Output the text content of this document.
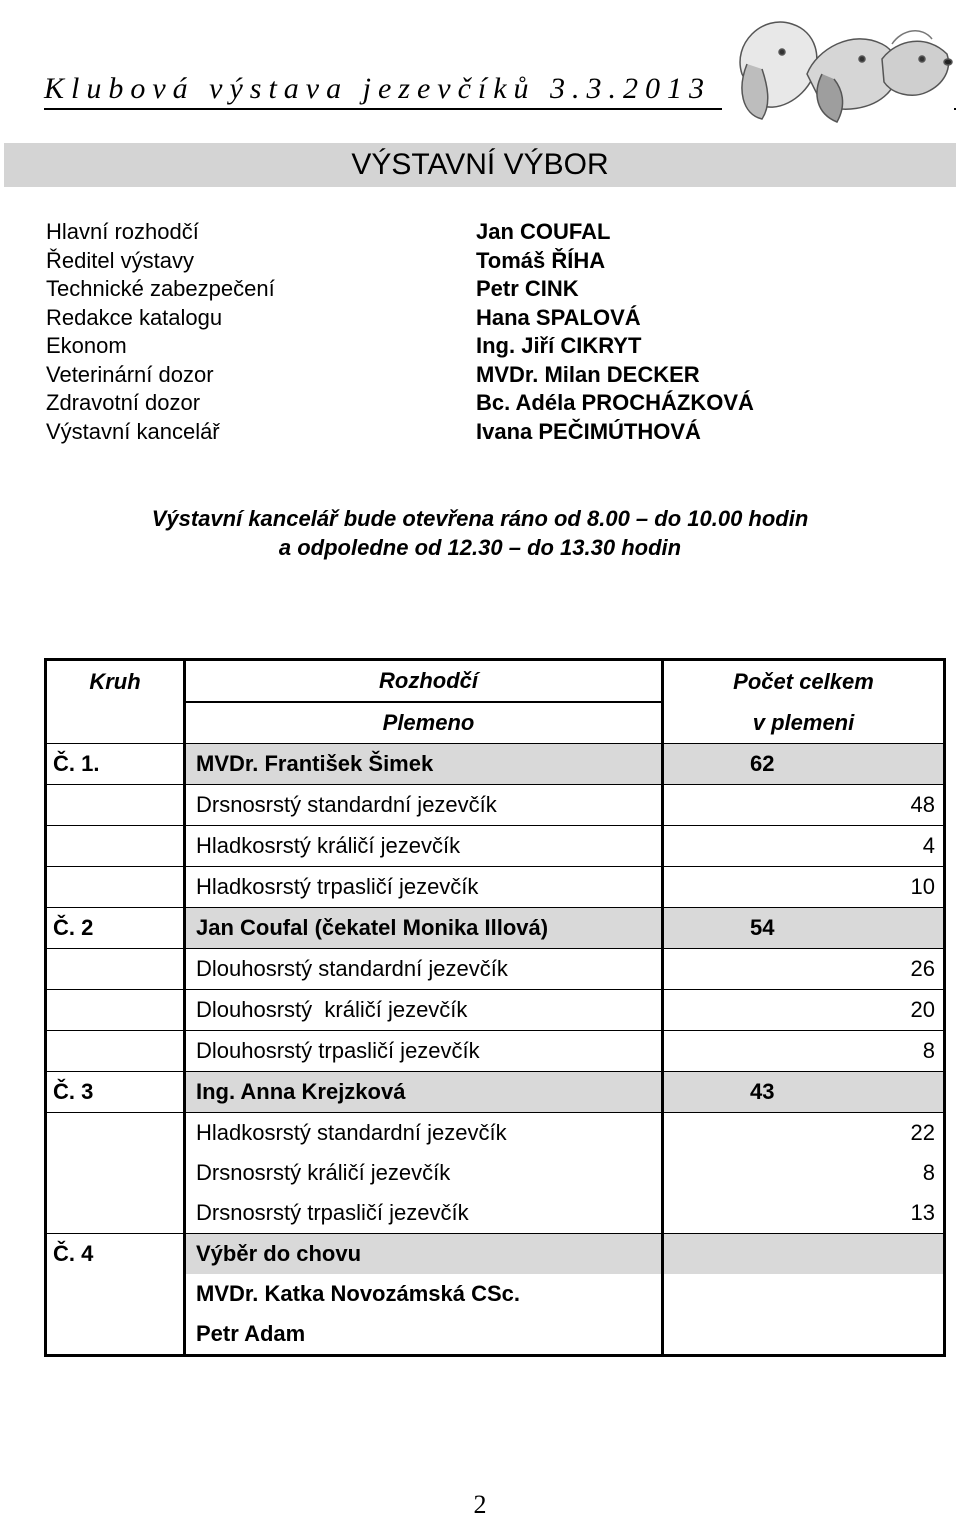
Klubová výstava jezevčíků 3.3.2013
VÝSTAVNÍ VÝBOR
Hlavní rozhodčí	Jan COUFAL
Ředitel výstavy	Tomáš ŘÍHA
Technické zabezpečení	Petr CINK
Redakce katalogu	Hana SPALOVÁ
Ekonom	Ing. Jiří CIKRYT
Veterinární dozor	MVDr. Milan DECKER
Zdravotní dozor	Bc. Adéla PROCHÁZKOVÁ
Výstavní kancelář	Ivana PEČIMÚTHOVÁ
Výstavní kancelář bude otevřena ráno od 8.00 – do 10.00 hodin
a odpoledne od 12.30 – do 13.30 hodin
Kruh	Rozhodčí	Počet celkem
	Plemeno	v plemeni
Č. 1.	MVDr. František Šimek	62
	Drsnosrstý standardní jezevčík	48
	Hladkosrstý králičí jezevčík	4
	Hladkosrstý trpasličí jezevčík	10
Č. 2	Jan Coufal (čekatel Monika Illová)	54
	Dlouhosrstý standardní jezevčík	26
	Dlouhosrstý  králičí jezevčík	20
	Dlouhosrstý trpasličí jezevčík	8
Č. 3	Ing. Anna Krejzková	43
	Hladkosrstý standardní jezevčík	22
	Drsnosrstý králičí jezevčík	8
	Drsnosrstý trpasličí jezevčík	13
Č. 4	Výběr do chovu	
	MVDr. Katka Novozámská CSc.	
	Petr Adam	
2
